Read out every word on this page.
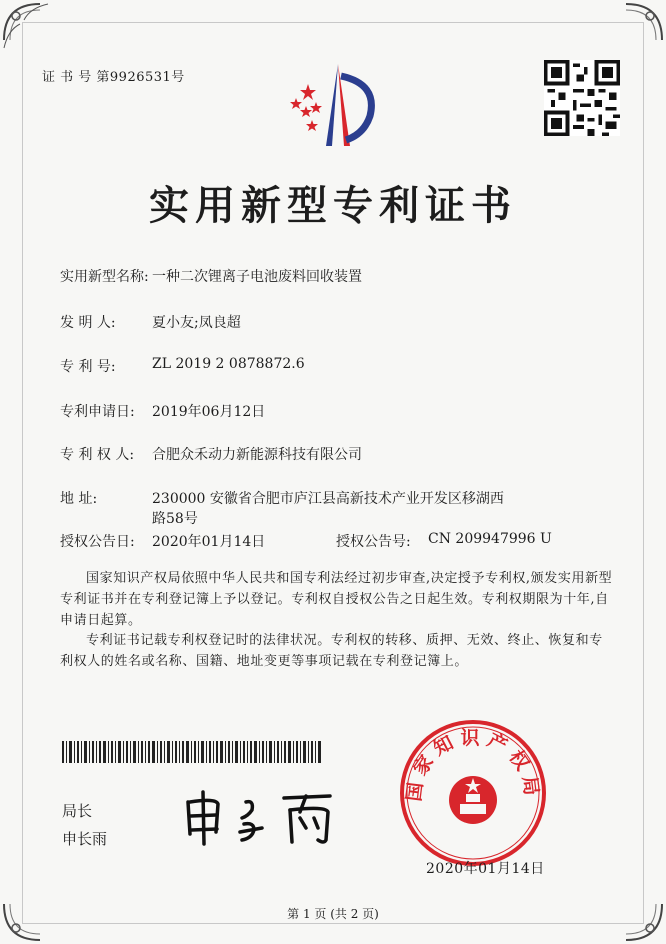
证 书 号 第9926531号
实用新型专利证书
实用新型名称: 一种二次锂离子电池废料回收装置
发 明 人:	夏小友;凤良超
专 利 号:	ZL 2019 2 0878872.6
专利申请日:	2019年06月12日
专 利 权 人:	合肥众禾动力新能源科技有限公司
地 址:	230000 安徽省合肥市庐江县高新技术产业开发区移湖西
路58号
授权公告日:	2020年01月14日	授权公告号:	CN 209947996 U
国家知识产权局依照中华人民共和国专利法经过初步审查,决定授予专利权,颁发实用新型专利证书并在专利登记簿上予以登记。专利权自授权公告之日起生效。专利权期限为十年,自申请日起算。
专利证书记载专利权登记时的法律状况。专利权的转移、质押、无效、终止、恢复和专利权人的姓名或名称、国籍、地址变更等事项记载在专利登记簿上。
局长
申长雨
国家知识产权局
2020年01月14日
第 1 页 (共 2 页)
